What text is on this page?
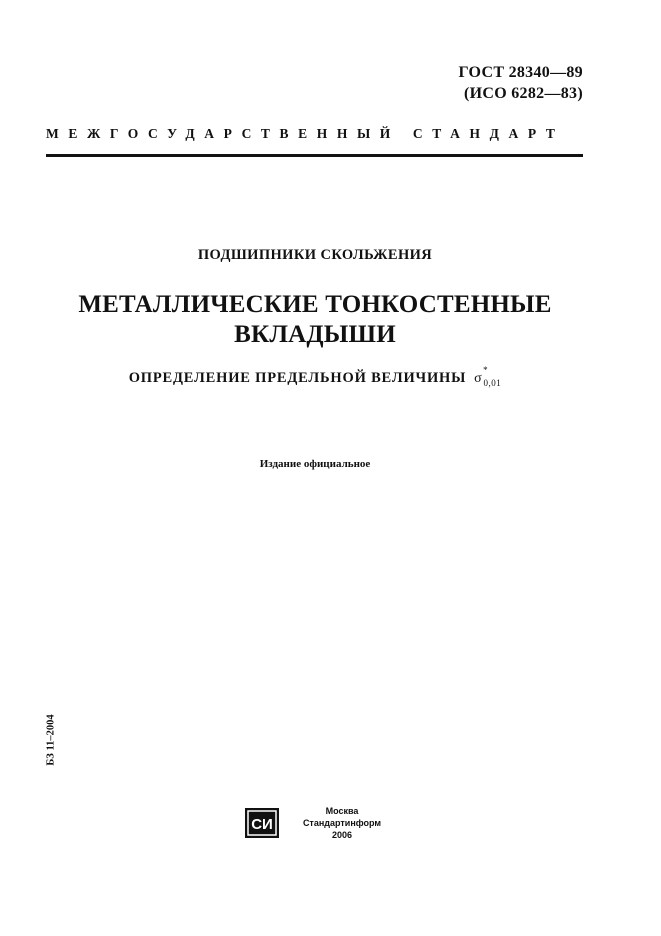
ГОСТ 28340—89
(ИСО 6282—83)
МЕЖГОСУДАРСТВЕННЫЙ СТАНДАРТ
ПОДШИПНИКИ СКОЛЬЖЕНИЯ
МЕТАЛЛИЧЕСКИЕ ТОНКОСТЕННЫЕ
ВКЛАДЫШИ
ОПРЕДЕЛЕНИЕ ПРЕДЕЛЬНОЙ ВЕЛИЧИНЫ σ
*
$_{0,01}$
Издание официальное
БЗ 11–2004
СИ
Москва
Стандартинформ
2006
